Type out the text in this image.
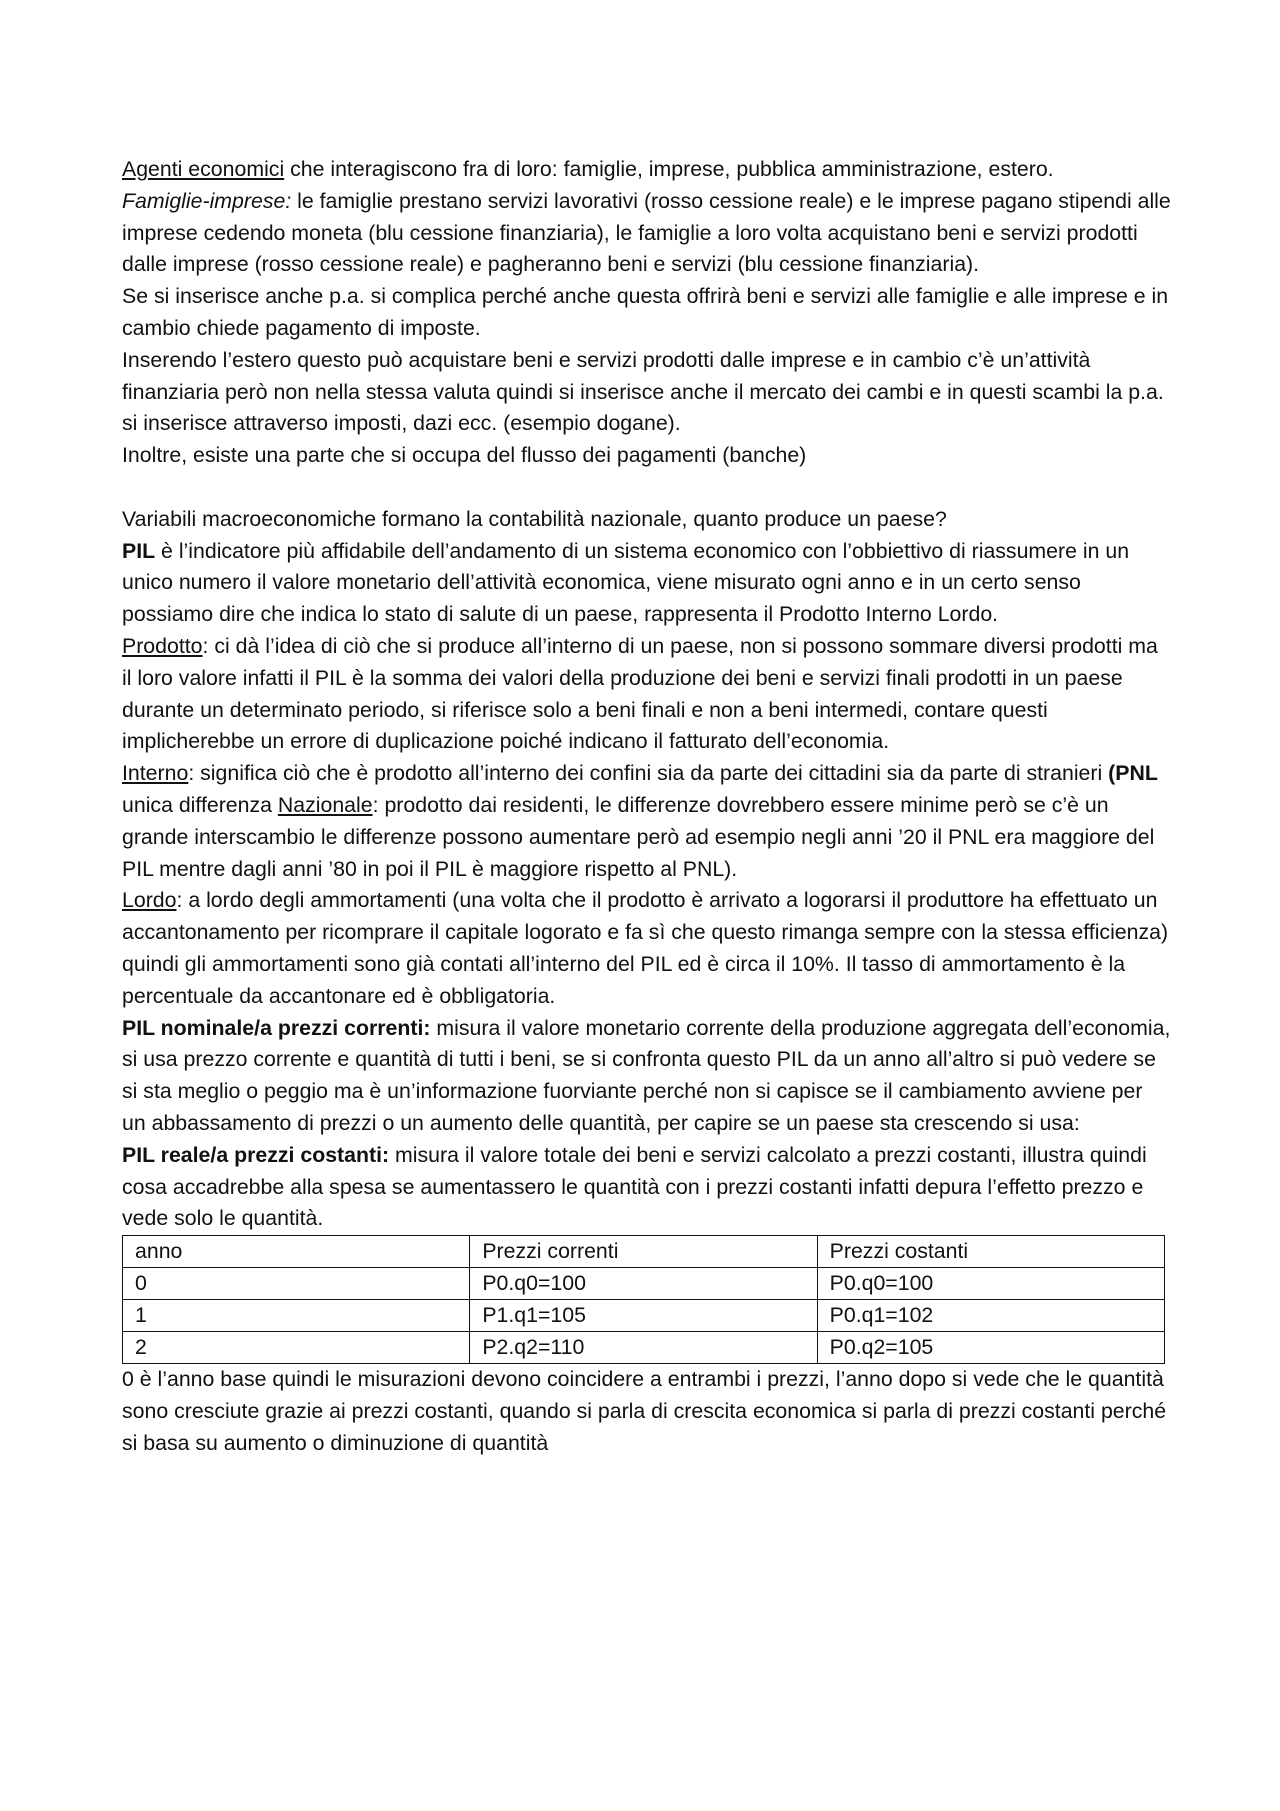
Agenti economici che interagiscono fra di loro: famiglie, imprese, pubblica amministrazione, estero.

Famiglie-imprese: le famiglie prestano servizi lavorativi (rosso cessione reale) e le imprese pagano stipendi alle imprese cedendo moneta (blu cessione finanziaria), le famiglie a loro volta acquistano beni e servizi prodotti dalle imprese (rosso cessione reale) e pagheranno beni e servizi (blu cessione finanziaria).

Se si inserisce anche p.a. si complica perché anche questa offrirà beni e servizi alle famiglie e alle imprese e in cambio chiede pagamento di imposte.

Inserendo l’estero questo può acquistare beni e servizi prodotti dalle imprese e in cambio c’è un’attività finanziaria però non nella stessa valuta quindi si inserisce anche il mercato dei cambi e in questi scambi la p.a. si inserisce attraverso imposti, dazi ecc. (esempio dogane).

Inoltre, esiste una parte che si occupa del flusso dei pagamenti (banche)

Variabili macroeconomiche formano la contabilità nazionale, quanto produce un paese?

PIL è l’indicatore più affidabile dell’andamento di un sistema economico con l’obbiettivo di riassumere in un unico numero il valore monetario dell’attività economica, viene misurato ogni anno e in un certo senso possiamo dire che indica lo stato di salute di un paese, rappresenta il Prodotto Interno Lordo.

Prodotto: ci dà l’idea di ciò che si produce all’interno di un paese, non si possono sommare diversi prodotti ma il loro valore infatti il PIL è la somma dei valori della produzione dei beni e servizi finali prodotti in un paese durante un determinato periodo, si riferisce solo a beni finali e non a beni intermedi, contare questi implicherebbe un errore di duplicazione poiché indicano il fatturato dell’economia.

Interno: significa ciò che è prodotto all’interno dei confini sia da parte dei cittadini sia da parte di stranieri (PNL unica differenza Nazionale: prodotto dai residenti, le differenze dovrebbero essere minime però se c’è un grande interscambio le differenze possono aumentare però ad esempio negli anni ’20 il PNL era maggiore del PIL mentre dagli anni ’80 in poi il PIL è maggiore rispetto al PNL).

Lordo: a lordo degli ammortamenti (una volta che il prodotto è arrivato a logorarsi il produttore ha effettuato un accantonamento per ricomprare il capitale logorato e fa sì che questo rimanga sempre con la stessa efficienza) quindi gli ammortamenti sono già contati all’interno del PIL ed è circa il 10%. Il tasso di ammortamento è la percentuale da accantonare ed è obbligatoria.

PIL nominale/a prezzi correnti: misura il valore monetario corrente della produzione aggregata dell’economia, si usa prezzo corrente e quantità di tutti i beni, se si confronta questo PIL da un anno all’altro si può vedere se si sta meglio o peggio ma è un’informazione fuorviante perché non si capisce se il cambiamento avviene per un abbassamento di prezzi o un aumento delle quantità, per capire se un paese sta crescendo si usa:

PIL reale/a prezzi costanti: misura il valore totale dei beni e servizi calcolato a prezzi costanti, illustra quindi cosa accadrebbe alla spesa se aumentassero le quantità con i prezzi costanti infatti depura l’effetto prezzo e vede solo le quantità.

anno	Prezzi correnti	Prezzi costanti
0	P0.q0=100	P0.q0=100
1	P1.q1=105	P0.q1=102
2	P2.q2=110	P0.q2=105

0 è l’anno base quindi le misurazioni devono coincidere a entrambi i prezzi, l’anno dopo si vede che le quantità sono cresciute grazie ai prezzi costanti, quando si parla di crescita economica si parla di prezzi costanti perché si basa su aumento o diminuzione di quantità
